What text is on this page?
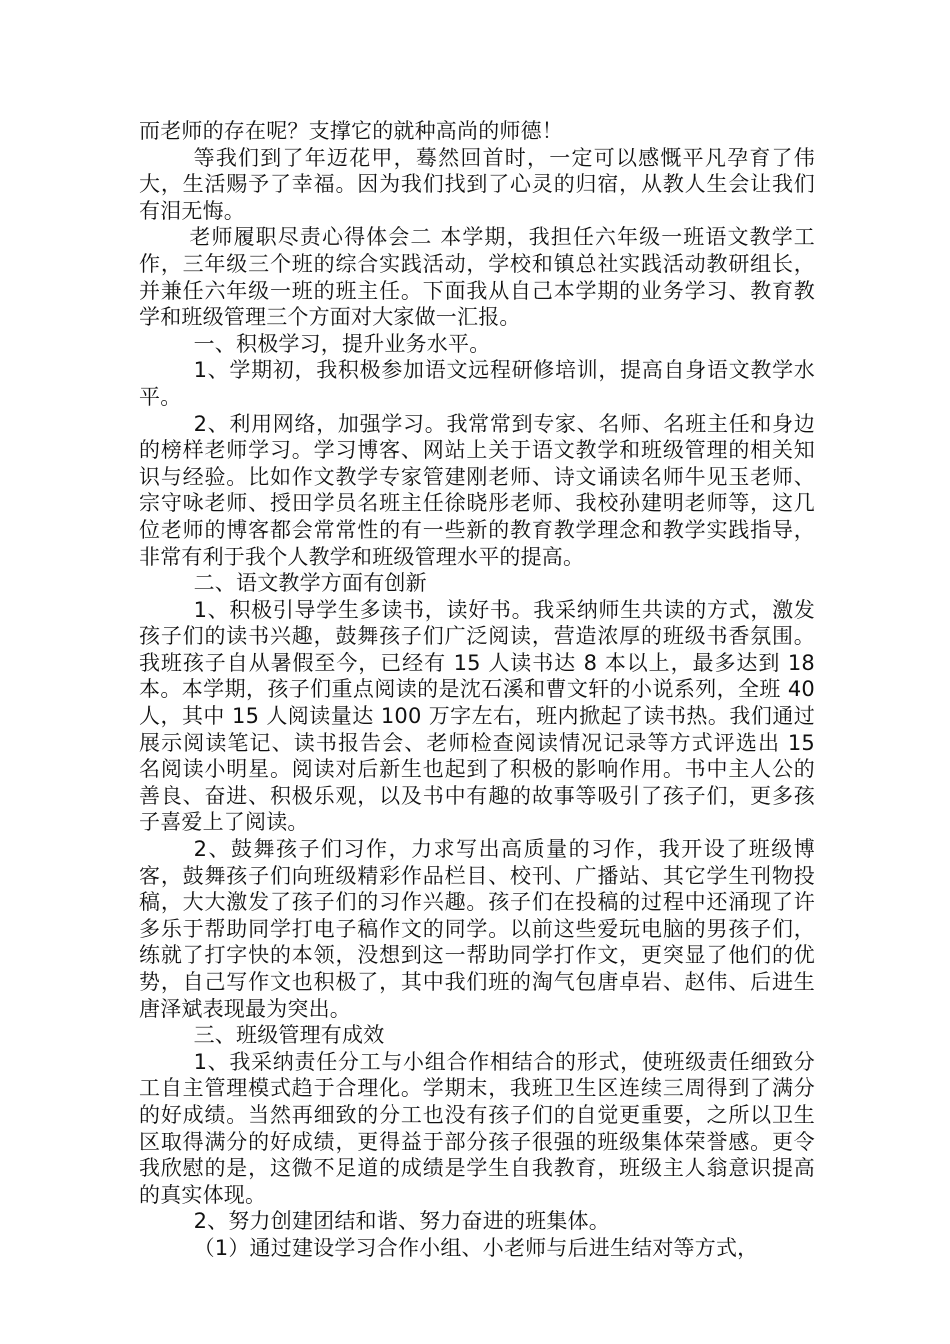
而老师的存在呢？支撑它的就种高尚的师德！

等我们到了年迈花甲，蓦然回首时，一定可以感慨平凡孕育了伟大，生活赐予了幸福。因为我们找到了心灵的归宿，从教人生会让我们有泪无悔。

老师履职尽责心得体会二 本学期，我担任六年级一班语文教学工作，三年级三个班的综合实践活动，学校和镇总社实践活动教研组长，并兼任六年级一班的班主任。下面我从自己本学期的业务学习、教育教学和班级管理三个方面对大家做一汇报。

一、积极学习，提升业务水平。

1、学期初，我积极参加语文远程研修培训，提高自身语文教学水平。

2、利用网络，加强学习。我常常到专家、名师、名班主任和身边的榜样老师学习。学习博客、网站上关于语文教学和班级管理的相关知识与经验。比如作文教学专家管建刚老师、诗文诵读名师牛见玉老师、宗守咏老师、授田学员名班主任徐晓彤老师、我校孙建明老师等，这几位老师的博客都会常常性的有一些新的教育教学理念和教学实践指导，非常有利于我个人教学和班级管理水平的提高。

二、语文教学方面有创新

1、积极引导学生多读书，读好书。我采纳师生共读的方式，激发孩子们的读书兴趣，鼓舞孩子们广泛阅读，营造浓厚的班级书香氛围。我班孩子自从暑假至今，已经有 15 人读书达 8 本以上，最多达到 18 本。本学期，孩子们重点阅读的是沈石溪和曹文轩的小说系列，全班 40 人，其中 15 人阅读量达 100 万字左右，班内掀起了读书热。我们通过展示阅读笔记、读书报告会、老师检查阅读情况记录等方式评选出 15 名阅读小明星。阅读对后新生也起到了积极的影响作用。书中主人公的善良、奋进、积极乐观，以及书中有趣的故事等吸引了孩子们，更多孩子喜爱上了阅读。

2、鼓舞孩子们习作，力求写出高质量的习作，我开设了班级博客，鼓舞孩子们向班级精彩作品栏目、校刊、广播站、其它学生刊物投稿，大大激发了孩子们的习作兴趣。孩子们在投稿的过程中还涌现了许多乐于帮助同学打电子稿作文的同学。以前这些爱玩电脑的男孩子们，练就了打字快的本领，没想到这一帮助同学打作文，更突显了他们的优势，自己写作文也积极了，其中我们班的淘气包唐卓岩、赵伟、后进生唐泽斌表现最为突出。

三、班级管理有成效

1、我采纳责任分工与小组合作相结合的形式，使班级责任细致分工自主管理模式趋于合理化。学期末，我班卫生区连续三周得到了满分的好成绩。当然再细致的分工也没有孩子们的自觉更重要，之所以卫生区取得满分的好成绩，更得益于部分孩子很强的班级集体荣誉感。更令我欣慰的是，这微不足道的成绩是学生自我教育，班级主人翁意识提高的真实体现。

2、努力创建团结和谐、努力奋进的班集体。

（1）通过建设学习合作小组、小老师与后进生结对等方式，
